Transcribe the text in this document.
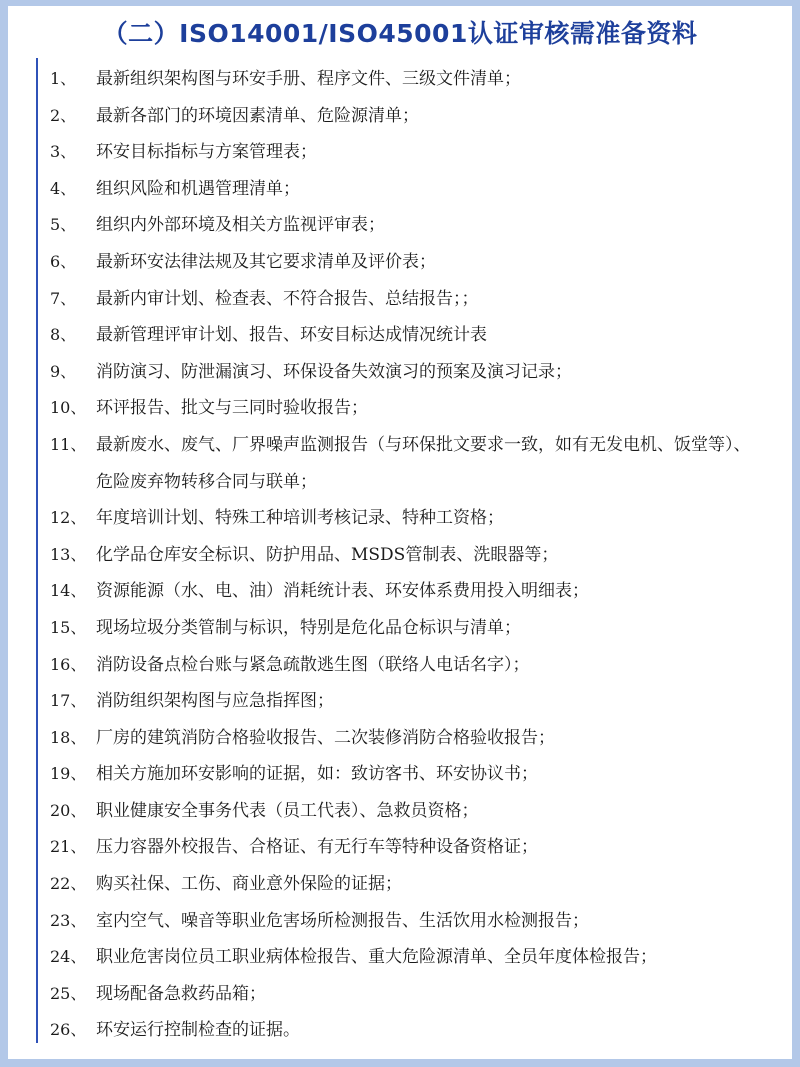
（二）ISO14001/ISO45001认证审核需准备资料
1、	最新组织架构图与环安手册、程序文件、三级文件清单；
2、	最新各部门的环境因素清单、危险源清单；
3、	环安目标指标与方案管理表；
4、	组织风险和机遇管理清单；
5、	组织内外部环境及相关方监视评审表；
6、	最新环安法律法规及其它要求清单及评价表；
7、	最新内审计划、检查表、不符合报告、总结报告；；
8、	最新管理评审计划、报告、环安目标达成情况统计表
9、	消防演习、防泄漏演习、环保设备失效演习的预案及演习记录；
10、 环评报告、批文与三同时验收报告；
11、 最新废水、废气、厂界噪声监测报告（与环保批文要求一致，如有无发电机、饭堂等）、危险废弃物转移合同与联单；
12、 年度培训计划、特殊工种培训考核记录、特种工资格；
13、 化学品仓库安全标识、防护用品、MSDS管制表、洗眼器等；
14、 资源能源（水、电、油）消耗统计表、环安体系费用投入明细表；
15、 现场垃圾分类管制与标识，特别是危化品仓标识与清单；
16、 消防设备点检台账与紧急疏散逃生图（联络人电话名字）；
17、 消防组织架构图与应急指挥图；
18、 厂房的建筑消防合格验收报告、二次装修消防合格验收报告；
19、 相关方施加环安影响的证据，如：致访客书、环安协议书；
20、 职业健康安全事务代表（员工代表）、急救员资格；
21、 压力容器外校报告、合格证、有无行车等特种设备资格证；
22、 购买社保、工伤、商业意外保险的证据；
23、 室内空气、噪音等职业危害场所检测报告、生活饮用水检测报告；
24、 职业危害岗位员工职业病体检报告、重大危险源清单、全员年度体检报告；
25、 现场配备急救药品箱；
26、 环安运行控制检查的证据。
